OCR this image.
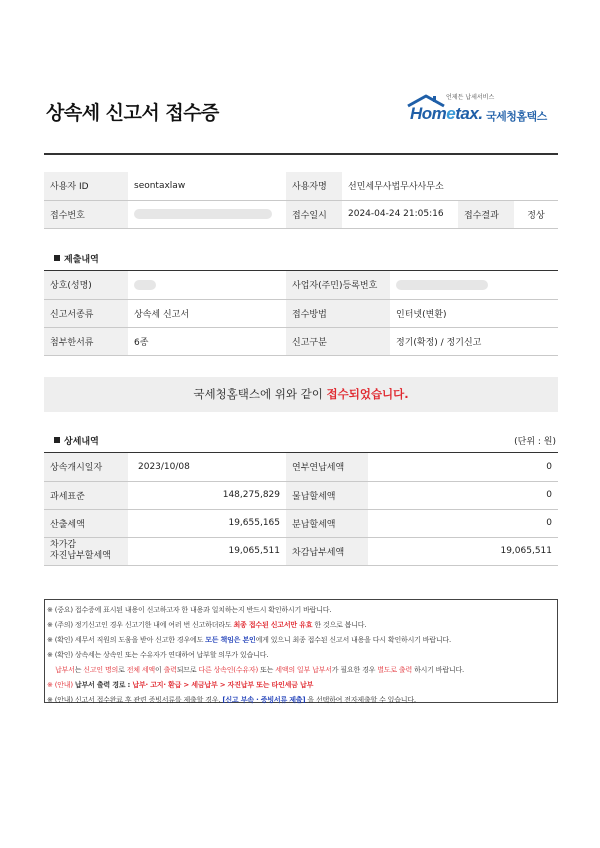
상속세 신고서 접수증
언제든 납세서비스
Hometax. 국세청홈택스
사용자 ID	seontaxlaw	사용자명	선민세무사법무사사무소		
접수번호		접수일시	2024-04-24 21:05:16	접수결과	정상
제출내역
상호(성명)		사업자(주민)등록번호	
신고서종류	상속세 신고서	접수방법	인터넷(변환)
첨부한서류	6종	신고구분	정기(확정) / 정기신고
국세청홈택스에 위와 같이 접수되었습니다.
상세내역	(단위 : 원)
상속개시일자	2023/10/08	연부연납세액	0
과세표준	148,275,829	물납할세액	0
산출세액	19,655,165	분납할세액	0
차가감
자진납부할세액	19,065,511	차감납부세액	19,065,511
※ (중요) 접수증에 표시된 내용이 신고하고자 한 내용과 일치하는지 반드시 확인하시기 바랍니다.
※ (주의) 정기신고인 경우 신고기한 내에 여러 번 신고하더라도 최종 접수된 신고서만 유효 한 것으로 봅니다.
※ (확인) 세무서 직원의 도움을 받아 신고한 경우에도 모든 책임은 본인에게 있으니 최종 접수된 신고서 내용을 다시 확인하시기 바랍니다.
※ (확인) 상속세는 상속인 또는 수유자가 연대하여 납부할 의무가 있습니다.
납부서는 신고인 명의로 전체 세액이 출력되므로 다른 상속인(수유자) 또는 세액의 일부 납부서가 필요한 경우 별도로 출력 하시기 바랍니다.
※ (안내) 납부서 출력 경로 : 납부· 고지· 환급 > 세금납부 > 자진납부 또는 타인세금 납부
※ (안내) 신고서 접수완료 후 관련 증빙서류를 제출할 경우, [신고 부속 · 증빙서류 제출] 을 선택하여 전자제출할 수 있습니다.
